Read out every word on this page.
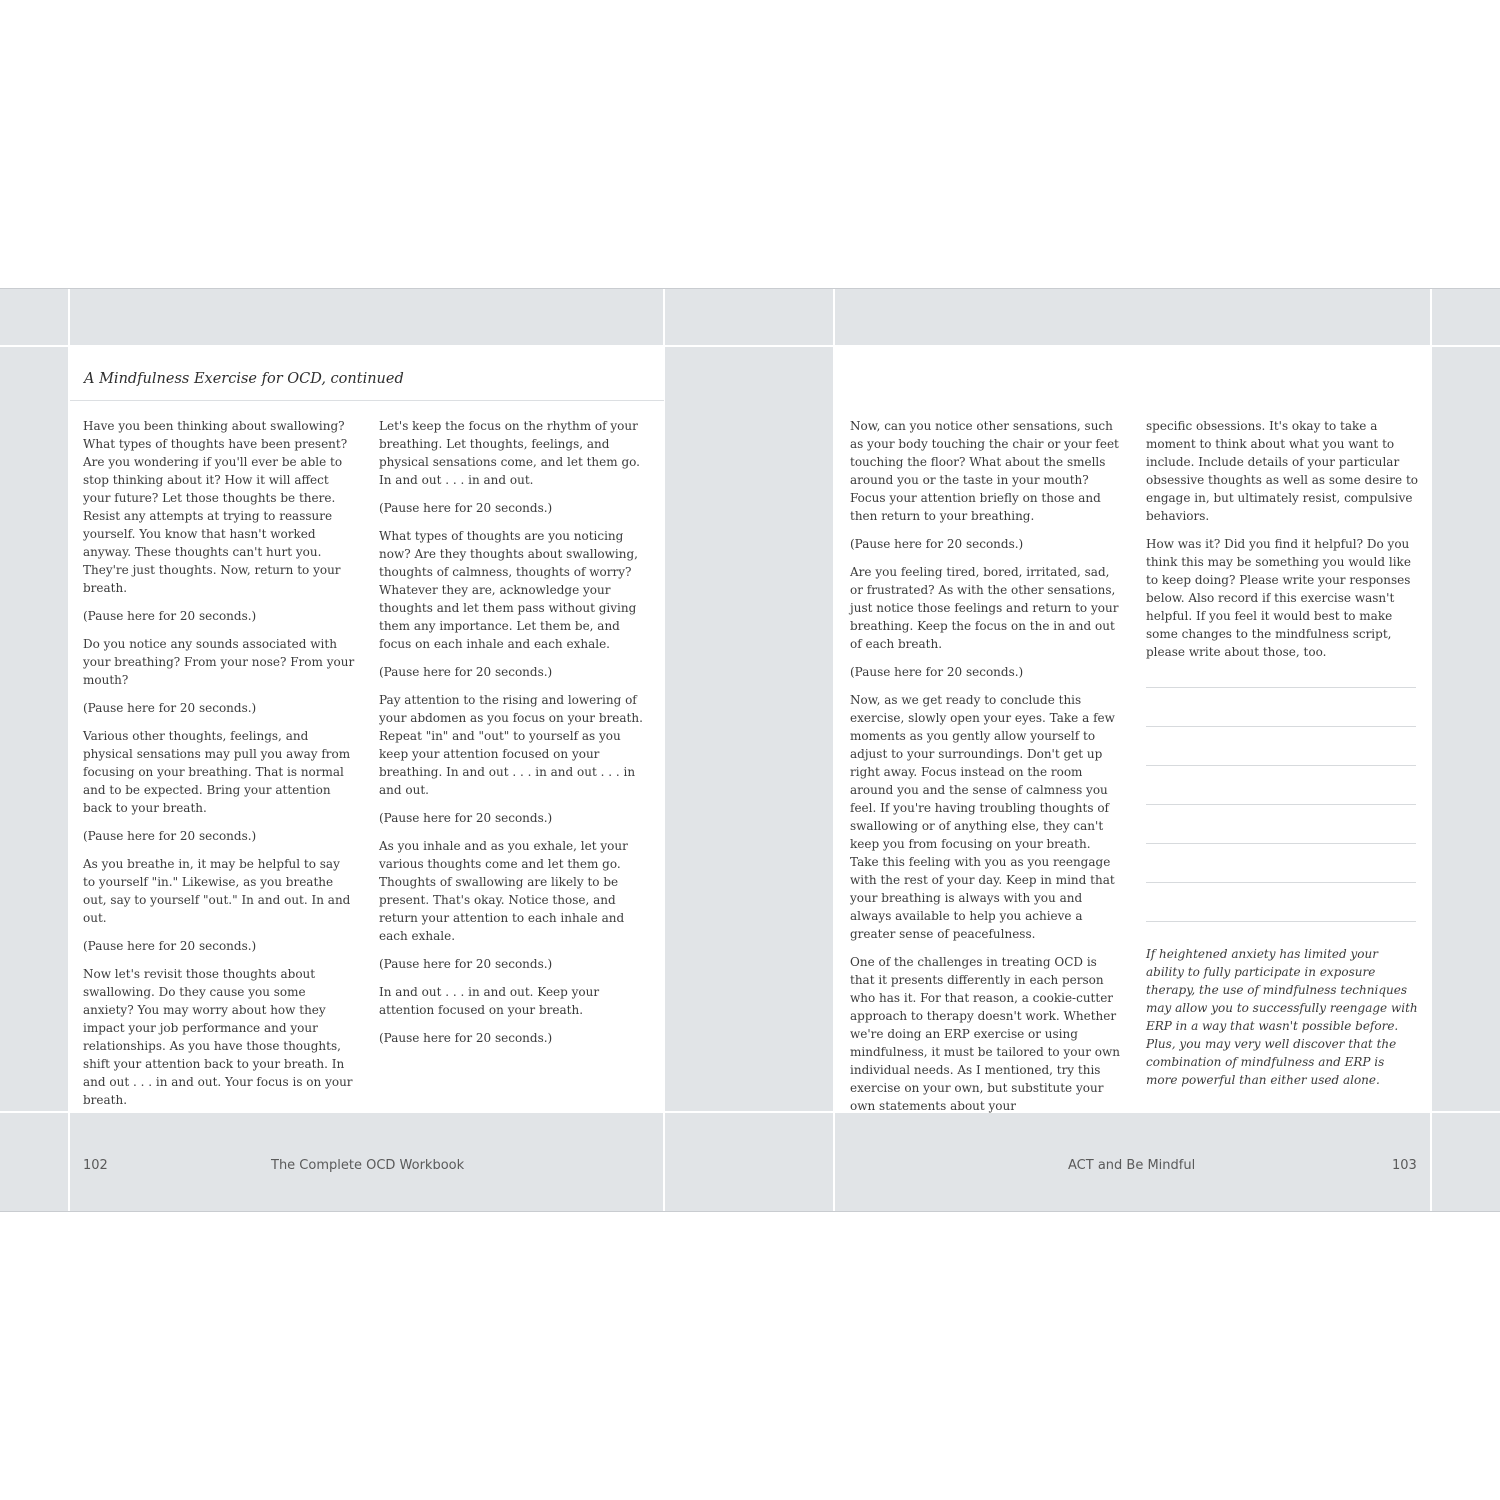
A Mindfulness Exercise for OCD, continued

Have you been thinking about swallowing? What types of thoughts have been present? Are you wondering if you'll ever be able to stop thinking about it? How it will affect your future? Let those thoughts be there. Resist any attempts at trying to reassure yourself. You know that hasn't worked anyway. These thoughts can't hurt you. They're just thoughts. Now, return to your breath.

(Pause here for 20 seconds.)

Do you notice any sounds associated with your breathing? From your nose? From your mouth?

(Pause here for 20 seconds.)

Various other thoughts, feelings, and physical sensations may pull you away from focusing on your breathing. That is normal and to be expected. Bring your attention back to your breath.

(Pause here for 20 seconds.)

As you breathe in, it may be helpful to say to yourself "in." Likewise, as you breathe out, say to yourself "out." In and out. In and out.

(Pause here for 20 seconds.)

Now let's revisit those thoughts about swallowing. Do they cause you some anxiety? You may worry about how they impact your job performance and your relationships. As you have those thoughts, shift your attention back to your breath. In and out . . . in and out. Your focus is on your breath.

Let's keep the focus on the rhythm of your breathing. Let thoughts, feelings, and physical sensations come, and let them go. In and out . . . in and out.

(Pause here for 20 seconds.)

What types of thoughts are you noticing now? Are they thoughts about swallowing, thoughts of calmness, thoughts of worry? Whatever they are, acknowledge your thoughts and let them pass without giving them any importance. Let them be, and focus on each inhale and each exhale.

(Pause here for 20 seconds.)

Pay attention to the rising and lowering of your abdomen as you focus on your breath. Repeat "in" and "out" to yourself as you keep your attention focused on your breathing. In and out . . . in and out . . . in and out.

(Pause here for 20 seconds.)

As you inhale and as you exhale, let your various thoughts come and let them go. Thoughts of swallowing are likely to be present. That's okay. Notice those, and return your attention to each inhale and each exhale.

(Pause here for 20 seconds.)

In and out . . . in and out. Keep your attention focused on your breath.

(Pause here for 20 seconds.)

Now, can you notice other sensations, such as your body touching the chair or your feet touching the floor? What about the smells around you or the taste in your mouth? Focus your attention briefly on those and then return to your breathing.

(Pause here for 20 seconds.)

Are you feeling tired, bored, irritated, sad, or frustrated? As with the other sensations, just notice those feelings and return to your breathing. Keep the focus on the in and out of each breath.

(Pause here for 20 seconds.)

Now, as we get ready to conclude this exercise, slowly open your eyes. Take a few moments as you gently allow yourself to adjust to your surroundings. Don't get up right away. Focus instead on the room around you and the sense of calmness you feel. If you're having troubling thoughts of swallowing or of anything else, they can't keep you from focusing on your breath. Take this feeling with you as you reengage with the rest of your day. Keep in mind that your breathing is always with you and always available to help you achieve a greater sense of peacefulness.

One of the challenges in treating OCD is that it presents differently in each person who has it. For that reason, a cookie-cutter approach to therapy doesn't work. Whether we're doing an ERP exercise or using mindfulness, it must be tailored to your own individual needs. As I mentioned, try this exercise on your own, but substitute your own statements about your

specific obsessions. It's okay to take a moment to think about what you want to include. Include details of your particular obsessive thoughts as well as some desire to engage in, but ultimately resist, compulsive behaviors.

How was it? Did you find it helpful? Do you think this may be something you would like to keep doing? Please write your responses below. Also record if this exercise wasn't helpful. If you feel it would best to make some changes to the mindfulness script, please write about those, too.

If heightened anxiety has limited your ability to fully participate in exposure therapy, the use of mindfulness techniques may allow you to successfully reengage with ERP in a way that wasn't possible before. Plus, you may very well discover that the combination of mindfulness and ERP is more powerful than either used alone.

102	The Complete OCD Workbook	ACT and Be Mindful	103
